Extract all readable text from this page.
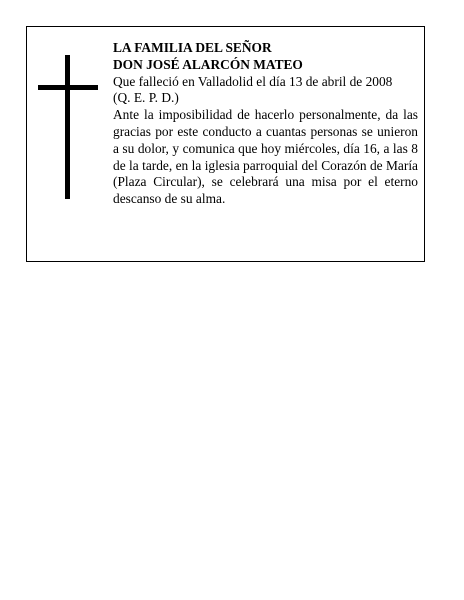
LA FAMILIA DEL SEÑOR
DON JOSÉ ALARCÓN MATEO
Que falleció en Valladolid el día 13 de abril de 2008
(Q. E. P. D.)

Ante la imposibilidad de hacerlo personalmente, da las gracias por este conducto a cuantas personas se unieron a su dolor, y comunica que hoy miércoles, día 16, a las 8 de la tarde, en la iglesia parroquial del Corazón de María (Plaza Circular), se celebrará una misa por el eterno descanso de su alma.
